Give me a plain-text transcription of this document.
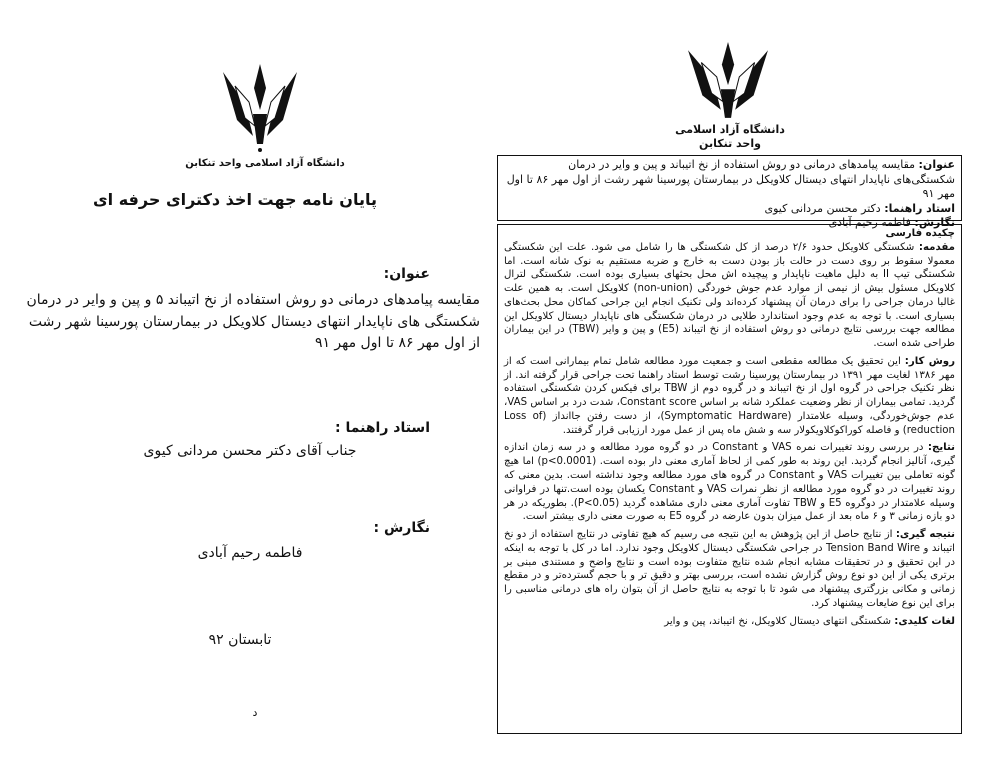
دانشگاه آزاد اسلامی واحد تنکابن
پایان نامه جهت اخذ دکترای حرفه ای
عنوان:
مقایسه پیامدهای درمانی دو روش استفاده از نخ اتیباند ۵ و پین و وایر در درمان شکستگی های ناپایدار انتهای دیستال کلاویکل در بیمارستان پورسینا شهر رشت از اول مهر ۸۶ تا اول مهر ۹۱
استاد راهنما :
جناب آقای دکتر محسن مردانی کیوی
نگارش :
فاطمه رحیم آبادی
تابستان ۹۲
د
دانشگاه آزاد اسلامی
واحد تنکابن
عنوان: مقایسه پیامدهای درمانی دو روش استفاده از نخ اتیباند و پین و وایر در درمان شکستگی‌های ناپایدار انتهای دیستال کلاویکل در بیمارستان پورسینا شهر رشت از اول مهر ۸۶ تا اول مهر ۹۱
استاد راهنما: دکتر محسن مردانی کیوی
نگارش: فاطمه رحیم آبادی
چکیده فارسی

مقدمه: شکستگی کلاویکل حدود ۲/۶ درصد از کل شکستگی ها را شامل می شود. علت این شکستگی معمولا سقوط بر روی دست در حالت باز بودن دست به خارج و ضربه مستقیم به نوک شانه است. اما شکستگی تیپ II به دلیل ماهیت ناپایدار و پیچیده اش محل بحثهای بسیاری بوده است. شکستگی لترال کلاویکل مسئول بیش از نیمی از موارد عدم جوش خوردگی (non-union) کلاویکل است. به همین علت غالبا درمان جراحی را برای درمان آن پیشنهاد کرده‌اند ولی تکنیک انجام این جراحی کماکان محل بحث‌های بسیاری است. با توجه به عدم وجود استاندارد طلایی در درمان شکستگی های ناپایدار دیستال کلاویکل این مطالعه جهت بررسی نتایج درمانی دو روش استفاده از نخ اتیباند (E5) و پین و وایر (TBW) در این بیماران طراحی شده است.

روش کار: این تحقیق یک مطالعه مقطعی است و جمعیت مورد مطالعه شامل تمام بیمارانی است که از مهر ۱۳۸۶ لغایت مهر ۱۳۹۱ در بیمارستان پورسینا رشت توسط استاد راهنما تحت جراحی قرار گرفته اند. از نظر تکنیک جراحی در گروه اول از نخ اتیباند و در گروه دوم از TBW برای فیکس کردن شکستگی استفاده گردید. تمامی بیماران از نظر وضعیت عملکرد شانه بر اساس Constant score، شدت درد بر اساس VAS، عدم جوش‌خوردگی، وسیله علامتدار (Symptomatic Hardware)، از دست رفتن جاانداز (Loss of reduction) و فاصله کوراکوکلاویکولار سه و شش ماه پس از عمل مورد ارزیابی قرار گرفتند.

نتایج: در بررسی روند تغییرات نمره VAS و Constant در دو گروه مورد مطالعه و در سه زمان اندازه گیری، آنالیز انجام گردید. این روند به طور کمی از لحاظ آماری معنی دار بوده است. (p<0.0001) اما هیچ گونه تعاملی بین تغییرات VAS و Constant در گروه های مورد مطالعه وجود نداشته است. بدین معنی که روند تغییرات در دو گروه مورد مطالعه از نظر نمرات VAS و Constant یکسان بوده است.تنها در فراوانی وسیله علامتدار در دوگروه E5 و TBW تفاوت آماری معنی داری مشاهده گردید (P<0.05). بطوریکه در هر دو بازه زمانی ۳ و ۶ ماه بعد از عمل میزان بدون عارضه در گروه E5 به صورت معنی داری بیشتر است.

نتیجه گیری: از نتایج حاصل از این پژوهش به این نتیجه می رسیم که هیچ تفاوتی در نتایج استفاده از دو نخ اتیباند و Tension Band Wire در جراحی شکستگی دیستال کلاویکل وجود ندارد. اما در کل با توجه به اینکه در این تحقیق و در تحقیقات مشابه انجام شده نتایج متفاوت بوده است و نتایج واضح و مستندی مبنی بر برتری یکی از این دو نوع روش گزارش نشده است، بررسی بهتر و دقیق تر و با حجم گسترده‌تر و در مقطع زمانی و مکانی بزرگتری پیشنهاد می شود تا با توجه به نتایج حاصل از آن بتوان راه های درمانی مناسبی را برای این نوع ضایعات پیشنهاد کرد.

لغات کلیدی: شکستگی انتهای دیستال کلاویکل، نخ اتیباند، پین و وایر
